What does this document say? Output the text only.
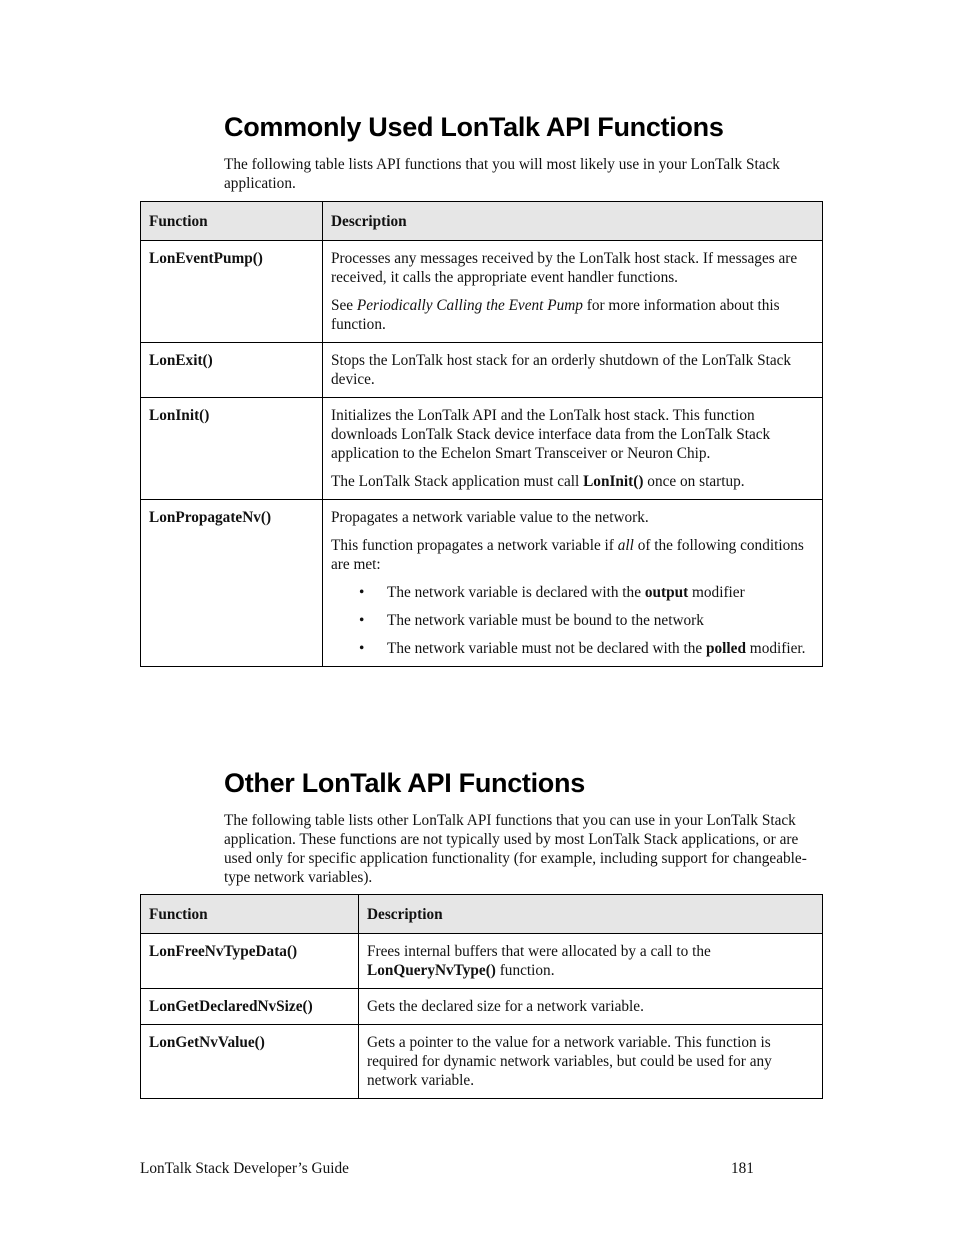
Commonly Used LonTalk API Functions

The following table lists API functions that you will most likely use in your LonTalk Stack application.

Function	Description
LonEventPump()	Processes any messages received by the LonTalk host stack. If messages are received, it calls the appropriate event handler functions.

See Periodically Calling the Event Pump for more information about this function.

LonExit()	Stops the LonTalk host stack for an orderly shutdown of the LonTalk Stack device.

LonInit()	Initializes the LonTalk API and the LonTalk host stack. This function downloads LonTalk Stack device interface data from the LonTalk Stack application to the Echelon Smart Transceiver or Neuron Chip.

The LonTalk Stack application must call LonInit() once on startup.

LonPropagateNv()	Propagates a network variable value to the network.

This function propagates a network variable if all of the following conditions are met:

• The network variable is declared with the output modifier
• The network variable must be bound to the network
• The network variable must not be declared with the polled modifier.
Other LonTalk API Functions

The following table lists other LonTalk API functions that you can use in your LonTalk Stack application. These functions are not typically used by most LonTalk Stack applications, or are used only for specific application functionality (for example, including support for changeable-type network variables).

Function	Description
LonFreeNvTypeData()	Frees internal buffers that were allocated by a call to the LonQueryNvType() function.

LonGetDeclaredNvSize()	Gets the declared size for a network variable.

LonGetNvValue()	Gets a pointer to the value for a network variable. This function is required for dynamic network variables, but could be used for any network variable.

LonTalk Stack Developer’s Guide	181
